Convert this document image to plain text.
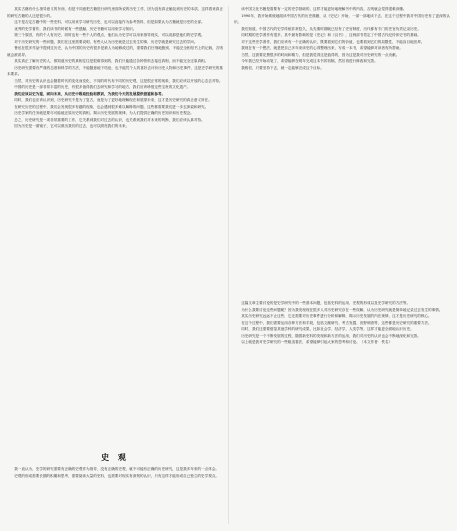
其实古籍有什么指导意义的东西，但是不同意把古籍进行研究里面所说的历史工作，因为没有真正触及到历史的本质，这样看来真正的研究古籍的人还是很少的。

这不是否定古籍中的一些史料，可以用来学习研究历史，也可以直接作为参考资料，但是如果认为古籍就是历史的全部。

优秀的史学著作，我们读书的时候有一些感触，历史书籍可以用来学习知识。

第三个原因，有的个人有历史，同时也有一些个人的观点，他们认为史学可以用来指导现实，可以说那是他们的史学观。

对于历史研究的一些问题，我们在这里需要说明，有些人认为历史就是过去发生的事，历史学就是研究过去的学问。

鲁迅在很多作品中提到过历史，认为中国的历史有很多是被人为地修改过的，需要我们仔细地甄别，不能完全相信书上的记载，否则就会被误导。

其实真正了解历史的人，都知道历史的真相往往是很难得到的，我们只能通过各种资料去接近真相，而不能完全还原真相。

历史研究需要有严谨的态度和科学的方法，不能随意地下结论，也不能凭个人的喜好去评价历史人物和历史事件，这是史学研究的基本要求。

当然，对历史的认识也会随着时代的变化而变化，不同的时代有不同的历史观，这是很正常的现象，我们应该以开放的心态去对待。

中国的历史是一部非常丰富的历史，有很多值得我们去研究和学习的地方，我们应该珍惜这些宝贵的文化遗产。

我们应该以史为鉴，面向未来，从历史中吸取经验和教训，为我们今天的发展提供借鉴和参考。

同时，我们也应该认识到，历史研究不是为了复古，而是为了更好地理解现在和展望未来，这才是历史研究的真正意义所在。

在研究历史的过程中，我们会发现很多有趣的现象，也会遇到很多难以解释的问题，这些都需要我们进一步去探索和研究。

历史学家的任务就是要尽可能地还原历史的真相，揭示历史发展的规律，为人们提供正确的历史知识和历史观念。

总之，历史研究是一项非常重要的工作，它关系到我们对过去的认识，也关系到我们对未来的判断，我们应该认真对待。

因为历史是一面镜子，它可以照出我们的过去，也可以照亮我们的未来。

史 观

我一直认为，史学的研究需要有正确的史观作为指导，没有正确的史观，就不可能有正确的历史研究，这是我多年来的一点体会。

史观的形成需要长期的积累和思考，需要阅读大量的史料，也需要对现实有深刻的认识，只有这样才能形成自己独立的史学观点。

读中国文化书籍是需要有一定的史学基础的，这样才能更好地理解书中的内容，否则就会觉得很难读懂。

1990年，我开始系统地阅读中国古代的历史典籍，从《史记》开始，一部一部地读下去，在这个过程中我对中国历史有了更深的认识。

我们知道，中国古代的史学传统非常悠久，从先秦时期就已经有了史官制度，历代都有专门的史官负责记录历史。

同时期的史学著作有很多，其中最有影响的是《史记》和《汉书》，这两部书奠定了中国古代纪传体史书的基础。

对于这些史学著作，我们应该有一个正确的认识，既要看到它们的价值，也要看到它们的局限性，不能盲目地崇拜。

我现在有一个想法，就是把自己多年来读史的心得整理出来，写成一本书，希望能够对读者有所帮助。

当然，这需要花费很多的时间和精力，但是我觉得这是值得的，因为这是我对历史研究的一点贡献。

今年我已经开始动笔了，希望能够在明年完成这本书的初稿，然后再进行修改和完善。

我相信，只要坚持下去，就一定能够完成这个目标。

这篇文章主要讨论的是史学研究中的一些基本问题，包括史料的运用、史观的形成以及史学研究的方法等。

为什么我要讨论这些问题呢？因为我发现现在很多人对历史研究存在一些误解，认为历史研究就是简单地记录过去发生的事情。

其实历史研究远远不止这些，它还需要对历史事件进行分析和解释，揭示历史发展的内在规律，这才是历史研究的核心。

在这个过程中，我们需要运用各种方法和手段，包括文献研究、考古发掘、田野调查等，这些都是历史研究的重要方法。

同时，我们还需要借鉴其他学科的研究成果，比如社会学、经济学、人类学等，这样才能更全面地认识历史。

历史研究是一个不断发展的过程，随着新史料的发现和新方法的运用，我们对历史的认识也会不断地深化和完善。

以上就是我对史学研究的一些粗浅看法，希望能够引起大家的思考和讨论。（本文作者：佚名）
